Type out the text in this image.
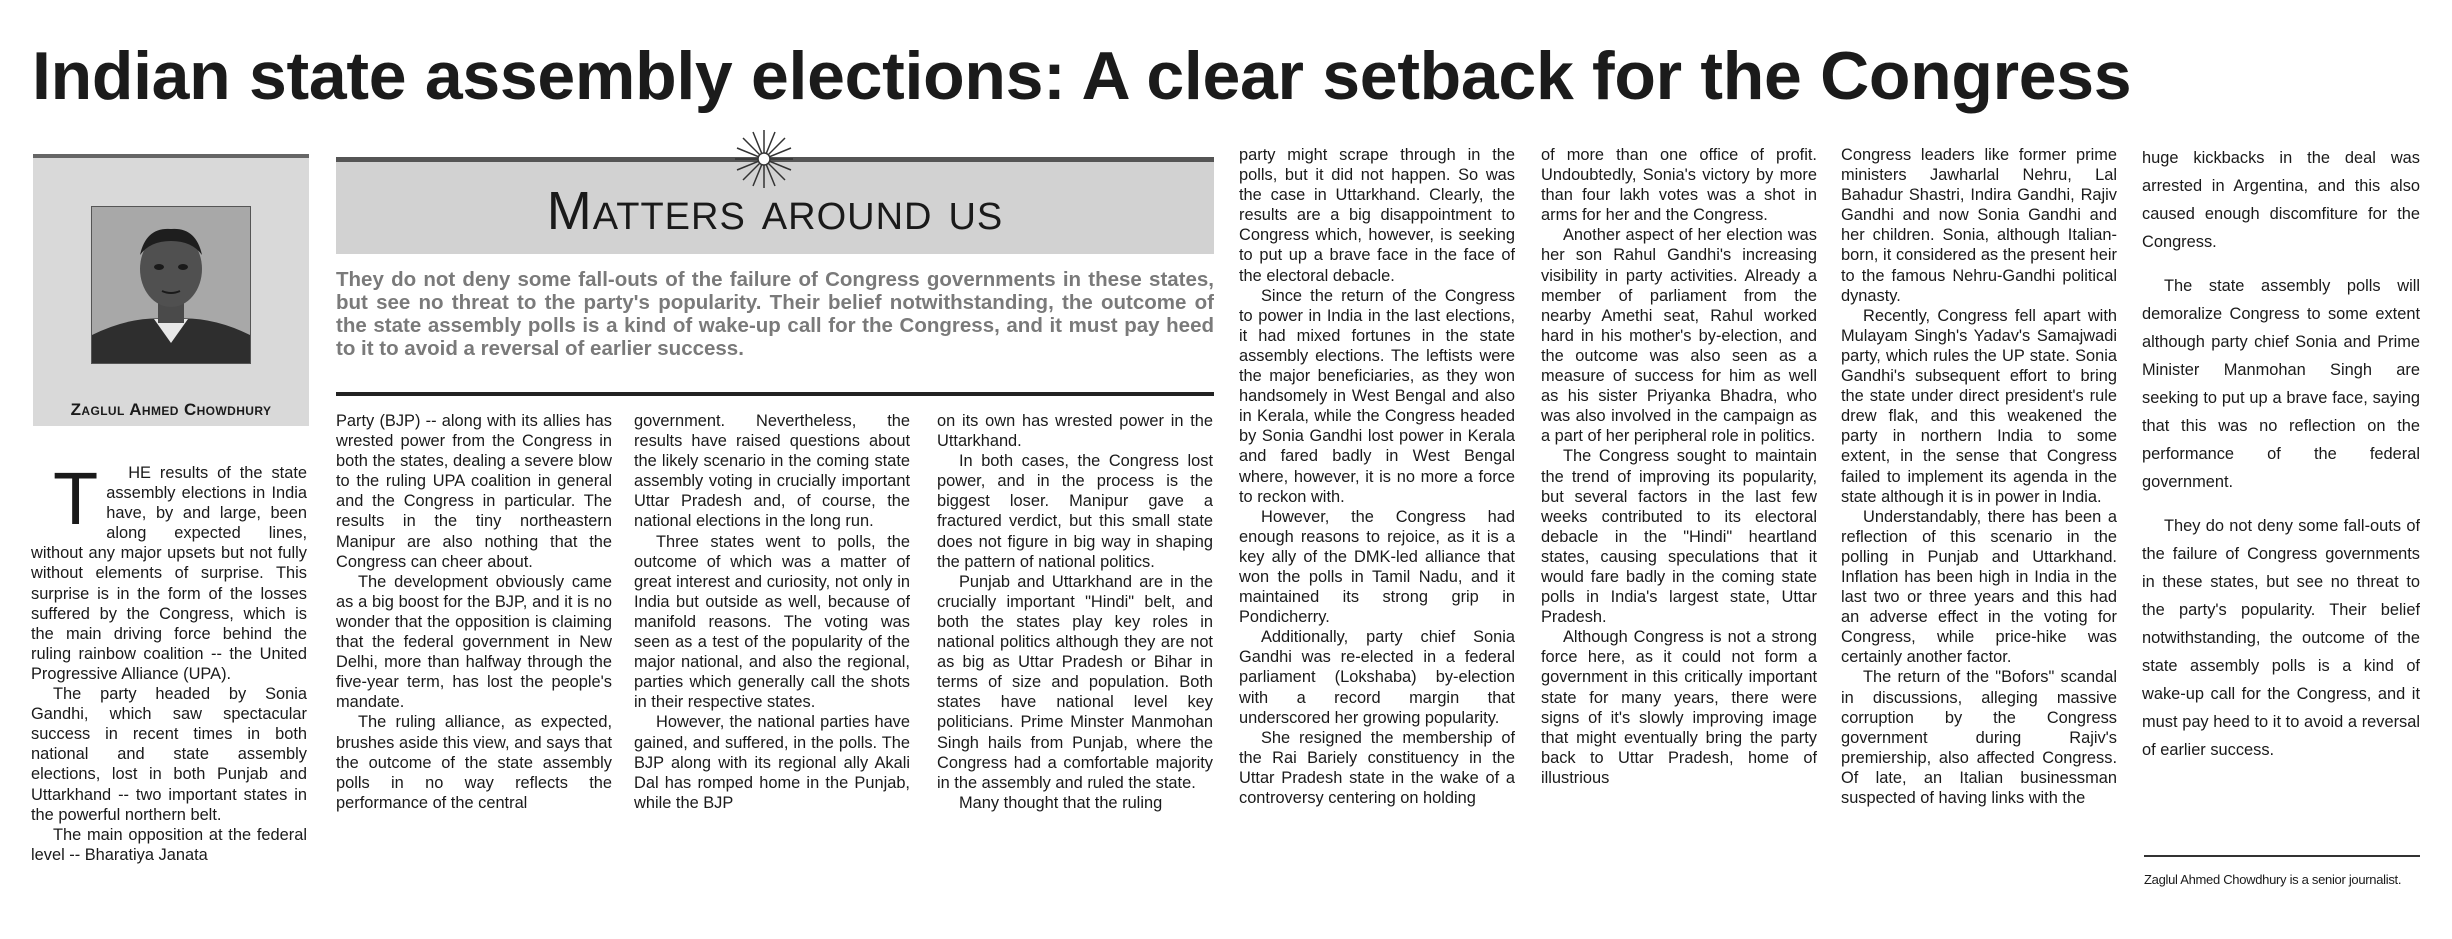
Indian state assembly elections: A clear setback for the Congress
Zaglul Ahmed Chowdhury
Matters around us
They do not deny some fall-outs of the failure of Congress governments in these states, but see no threat to the party's popularity. Their belief notwithstanding, the outcome of the state assembly polls is a kind of wake-up call for the Congress, and it must pay heed to it to avoid a reversal of earlier success.

T HE results of the state assembly elections in India have, by and large, been along expected lines, without any major upsets but not fully without elements of surprise. This surprise is in the form of the losses suffered by the Congress, which is the main driving force behind the ruling rainbow coalition -- the United Progressive Alliance (UPA).

The party headed by Sonia Gandhi, which saw spectacular success in recent times in both national and state assembly elections, lost in both Punjab and Uttarkhand -- two important states in the powerful northern belt.

The main opposition at the federal level -- Bharatiya Janata

Party (BJP) -- along with its allies has wrested power from the Congress in both the states, dealing a severe blow to the ruling UPA coalition in general and the Congress in particular. The results in the tiny northeastern Manipur are also nothing that the Congress can cheer about.

The development obviously came as a big boost for the BJP, and it is no wonder that the opposition is claiming that the federal government in New Delhi, more than halfway through the five-year term, has lost the people's mandate.

The ruling alliance, as expected, brushes aside this view, and says that the outcome of the state assembly polls in no way reflects the performance of the central

government. Nevertheless, the results have raised questions about the likely scenario in the coming state assembly voting in crucially important Uttar Pradesh and, of course, the national elections in the long run.

Three states went to polls, the outcome of which was a matter of great interest and curiosity, not only in India but outside as well, because of manifold reasons. The voting was seen as a test of the popularity of the major national, and also the regional, parties which generally call the shots in their respective states.

However, the national parties have gained, and suffered, in the polls. The BJP along with its regional ally Akali Dal has romped home in the Punjab, while the BJP

on its own has wrested power in the Uttarkhand.

In both cases, the Congress lost power, and in the process is the biggest loser. Manipur gave a fractured verdict, but this small state does not figure in big way in shaping the pattern of national politics.

Punjab and Uttarkhand are in the crucially important "Hindi" belt, and both the states play key roles in national politics although they are not as big as Uttar Pradesh or Bihar in terms of size and population. Both states have national level key politicians. Prime Minster Manmohan Singh hails from Punjab, where the Congress had a comfortable majority in the assembly and ruled the state.

Many thought that the ruling

party might scrape through in the polls, but it did not happen. So was the case in Uttarkhand. Clearly, the results are a big disappointment to Congress which, however, is seeking to put up a brave face in the face of the electoral debacle.

Since the return of the Congress to power in India in the last elections, it had mixed fortunes in the state assembly elections. The leftists were the major beneficiaries, as they won handsomely in West Bengal and also in Kerala, while the Congress headed by Sonia Gandhi lost power in Kerala and fared badly in West Bengal where, however, it is no more a force to reckon with.

However, the Congress had enough reasons to rejoice, as it is a key ally of the DMK-led alliance that won the polls in Tamil Nadu, and it maintained its strong grip in Pondicherry.

Additionally, party chief Sonia Gandhi was re-elected in a federal parliament (Lokshaba) by-election with a record margin that underscored her growing popularity.

She resigned the membership of the Rai Bariely constituency in the Uttar Pradesh state in the wake of a controversy centering on holding

of more than one office of profit. Undoubtedly, Sonia's victory by more than four lakh votes was a shot in arms for her and the Congress.

Another aspect of her election was her son Rahul Gandhi's increasing visibility in party activities. Already a member of parliament from the nearby Amethi seat, Rahul worked hard in his mother's by-election, and the outcome was also seen as a measure of success for him as well as his sister Priyanka Bhadra, who was also involved in the campaign as a part of her peripheral role in politics.

The Congress sought to maintain the trend of improving its popularity, but several factors in the last few weeks contributed to its electoral debacle in the "Hindi" heartland states, causing speculations that it would fare badly in the coming state polls in India's largest state, Uttar Pradesh.

Although Congress is not a strong force here, as it could not form a government in this critically important state for many years, there were signs of it's slowly improving image that might eventually bring the party back to Uttar Pradesh, home of illustrious

Congress leaders like former prime ministers Jawharlal Nehru, Lal Bahadur Shastri, Indira Gandhi, Rajiv Gandhi and now Sonia Gandhi and her children. Sonia, although Italian-born, it considered as the present heir to the famous Nehru-Gandhi political dynasty.

Recently, Congress fell apart with Mulayam Singh's Yadav's Samajwadi party, which rules the UP state. Sonia Gandhi's subsequent effort to bring the state under direct president's rule drew flak, and this weakened the party in northern India to some extent, in the sense that Congress failed to implement its agenda in the state although it is in power in India.

Understandably, there has been a reflection of this scenario in the polling in Punjab and Uttarkhand. Inflation has been high in India in the last two or three years and this had an adverse effect in the voting for Congress, while price-hike was certainly another factor.

The return of the "Bofors" scandal in discussions, alleging massive corruption by the Congress government during Rajiv's premiership, also affected Congress. Of late, an Italian businessman suspected of having links with the

huge kickbacks in the deal was arrested in Argentina, and this also caused enough discomfiture for the Congress.

The state assembly polls will demoralize Congress to some extent although party chief Sonia and Prime Minister Manmohan Singh are seeking to put up a brave face, saying that this was no reflection on the performance of the federal government.

They do not deny some fall-outs of the failure of Congress governments in these states, but see no threat to the party's popularity. Their belief notwithstanding, the outcome of the state assembly polls is a kind of wake-up call for the Congress, and it must pay heed to it to avoid a reversal of earlier success.

Zaglul Ahmed Chowdhury is a senior journalist.
